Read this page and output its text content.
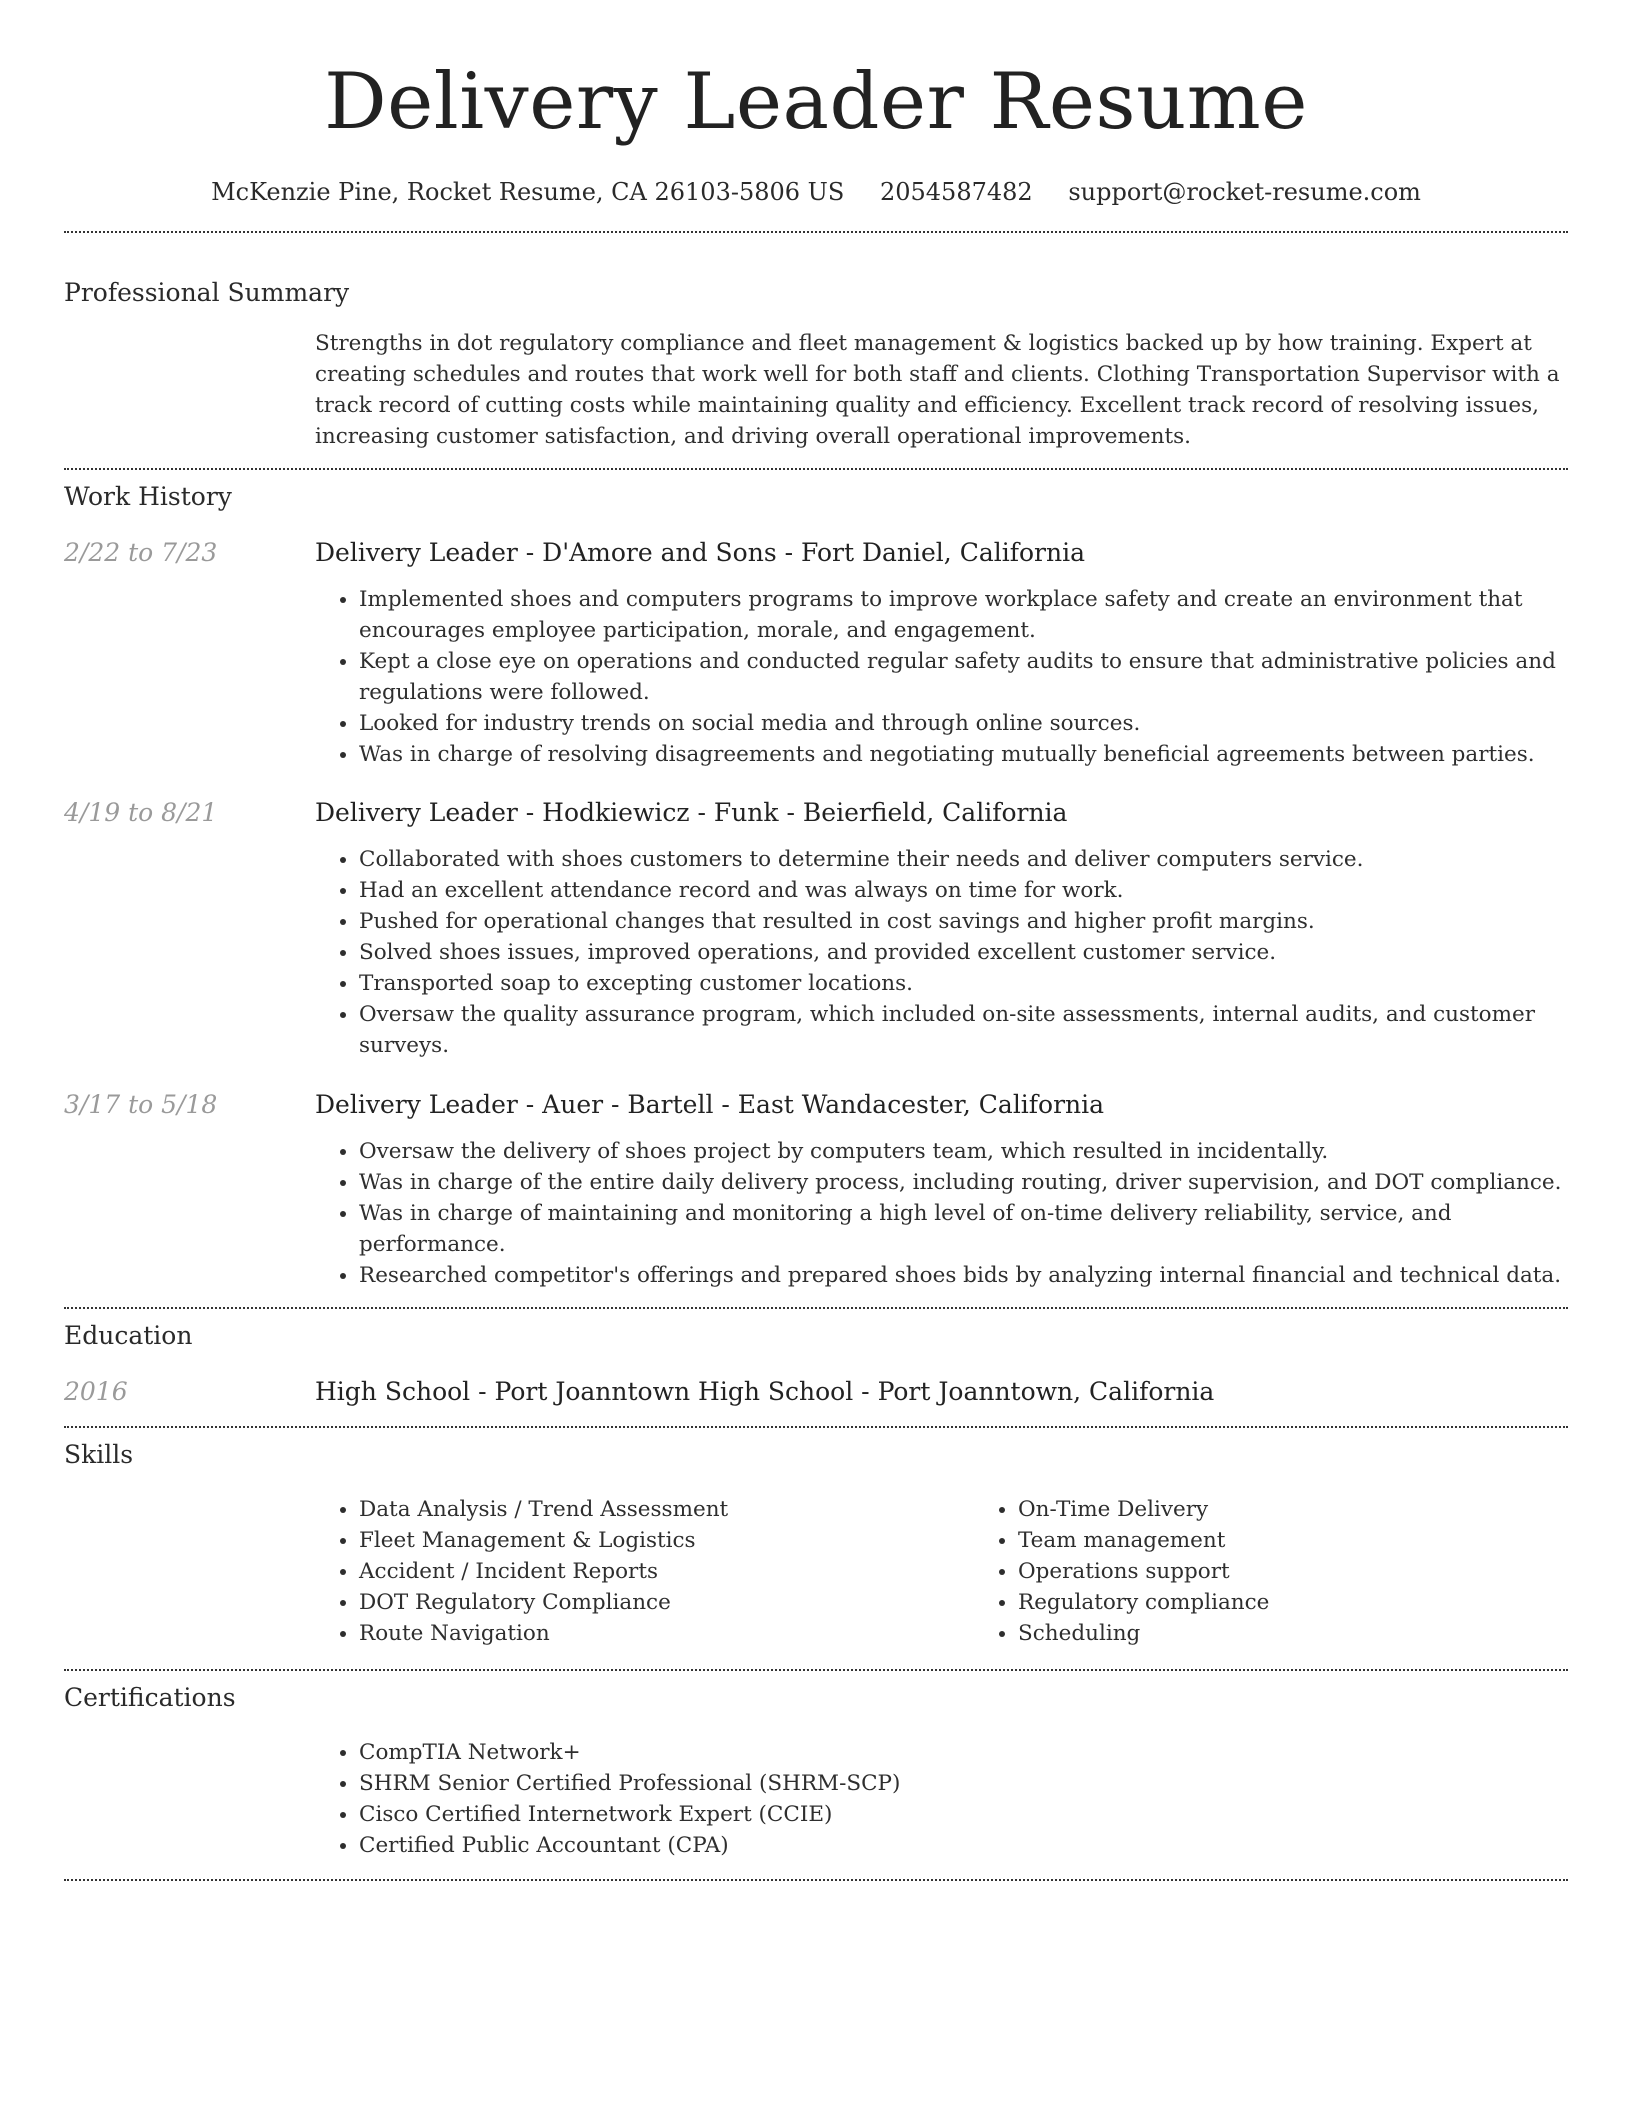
Delivery Leader Resume
McKenzie Pine, Rocket Resume, CA 26103-5806 US 2054587482 support@rocket-resume.com
Professional Summary

Strengths in dot regulatory compliance and fleet management & logistics backed up by how training. Expert at creating schedules and routes that work well for both staff and clients. Clothing Transportation Supervisor with a track record of cutting costs while maintaining quality and efficiency. Excellent track record of resolving issues, increasing customer satisfaction, and driving overall operational improvements.

Work History
2/22 to 7/23	Delivery Leader - D'Amore and Sons - Fort Daniel, California

• Implemented shoes and computers programs to improve workplace safety and create an environment that encourages employee participation, morale, and engagement.
• Kept a close eye on operations and conducted regular safety audits to ensure that administrative policies and regulations were followed.
• Looked for industry trends on social media and through online sources.
• Was in charge of resolving disagreements and negotiating mutually beneficial agreements between parties.
4/19 to 8/21	Delivery Leader - Hodkiewicz - Funk - Beierfield, California

• Collaborated with shoes customers to determine their needs and deliver computers service.
• Had an excellent attendance record and was always on time for work.
• Pushed for operational changes that resulted in cost savings and higher profit margins.
• Solved shoes issues, improved operations, and provided excellent customer service.
• Transported soap to excepting customer locations.
• Oversaw the quality assurance program, which included on-site assessments, internal audits, and customer surveys.
3/17 to 5/18	Delivery Leader - Auer - Bartell - East Wandacester, California

• Oversaw the delivery of shoes project by computers team, which resulted in incidentally.
• Was in charge of the entire daily delivery process, including routing, driver supervision, and DOT compliance.
• Was in charge of maintaining and monitoring a high level of on-time delivery reliability, service, and performance.
• Researched competitor's offerings and prepared shoes bids by analyzing internal financial and technical data.
Education
2016	High School - Port Joanntown High School - Port Joanntown, California

Skills
• Data Analysis / Trend Assessment
• Fleet Management & Logistics
• Accident / Incident Reports
• DOT Regulatory Compliance
• Route Navigation
• On-Time Delivery
• Team management
• Operations support
• Regulatory compliance
• Scheduling
Certifications
• CompTIA Network+
• SHRM Senior Certified Professional (SHRM-SCP)
• Cisco Certified Internetwork Expert (CCIE)
• Certified Public Accountant (CPA)
